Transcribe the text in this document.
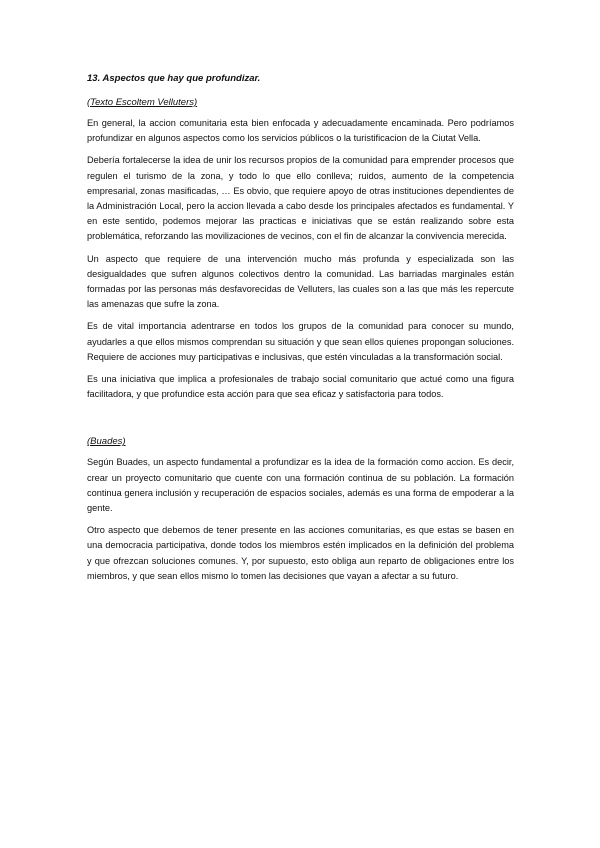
13. Aspectos que hay que profundizar.

(Texto Escoltem Velluters)

En general, la accion comunitaria esta bien enfocada y adecuadamente encaminada. Pero podríamos profundizar en algunos aspectos como los servicios públicos o la turistificacion de la Ciutat Vella.

Debería fortalecerse la idea de unir los recursos propios de la comunidad para emprender procesos que regulen el turismo de la zona, y todo lo que ello conlleva; ruidos, aumento de la competencia empresarial, zonas masificadas, … Es obvio, que requiere apoyo de otras instituciones dependientes de la Administración Local, pero la accion llevada a cabo desde los principales afectados es fundamental. Y en este sentido, podemos mejorar las practicas e iniciativas que se están realizando sobre esta problemática, reforzando las movilizaciones de vecinos, con el fin de alcanzar la convivencia merecida.

Un aspecto que requiere de una intervención mucho más profunda y especializada son las desigualdades que sufren algunos colectivos dentro la comunidad. Las barriadas marginales están formadas por las personas más desfavorecidas de Velluters, las cuales son a las que más les repercute las amenazas que sufre la zona.

Es de vital importancia adentrarse en todos los grupos de la comunidad para conocer su mundo, ayudarles a que ellos mismos comprendan su situación y que sean ellos quienes propongan soluciones. Requiere de acciones muy participativas e inclusivas, que estén vinculadas a la transformación social.

Es una iniciativa que implica a profesionales de trabajo social comunitario que actué como una figura facilitadora, y que profundice esta acción para que sea eficaz y satisfactoria para todos.

(Buades)

Según Buades, un aspecto fundamental a profundizar es la idea de la formación como accion. Es decir, crear un proyecto comunitario que cuente con una formación continua de su población. La formación continua genera inclusión y recuperación de espacios sociales, además es una forma de empoderar a la gente.

Otro aspecto que debemos de tener presente en las acciones comunitarias, es que estas se basen en una democracia participativa, donde todos los miembros estén implicados en la definición del problema y que ofrezcan soluciones comunes. Y, por supuesto, esto obliga aun reparto de obligaciones entre los miembros, y que sean ellos mismo lo tomen las decisiones que vayan a afectar a su futuro.
